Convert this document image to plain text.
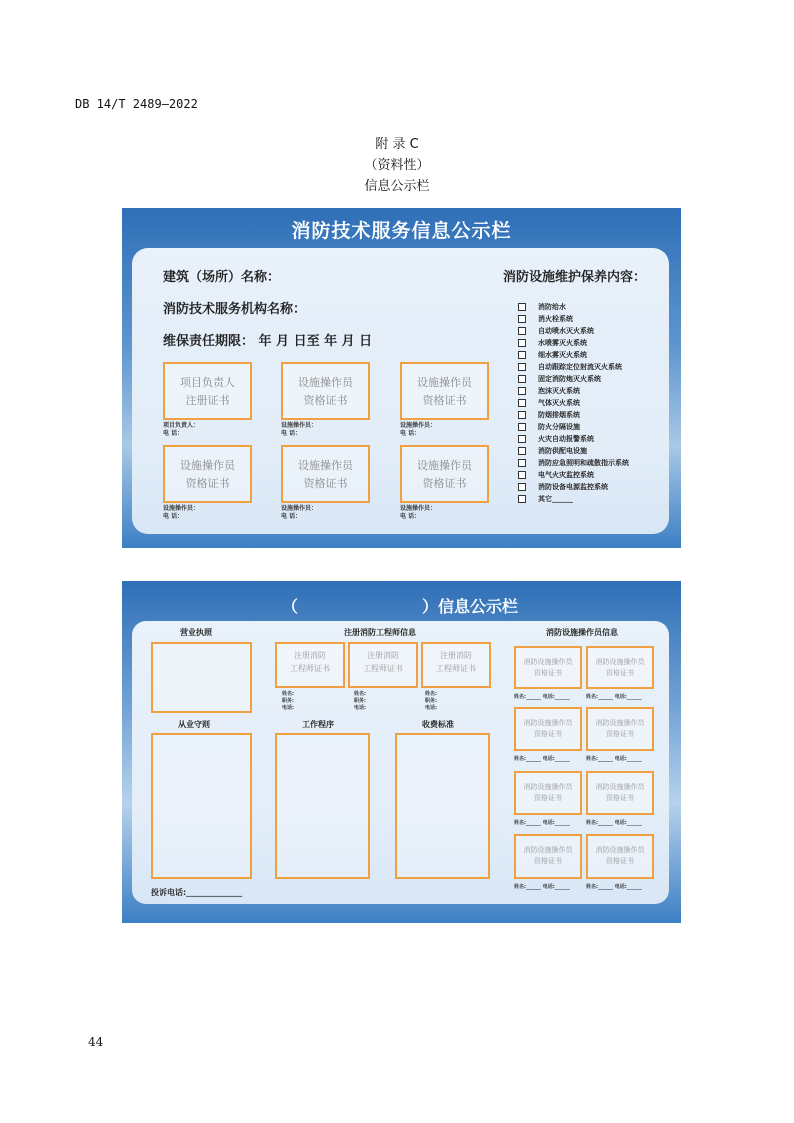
DB 14/T 2489—2022
附 录 C
（资料性）
信息公示栏
消防技术服务信息公示栏
建筑（场所）名称：
消防技术服务机构名称：
维保责任期限： 年 月 日至 年 月 日
消防设施维护保养内容：
项目负责人
注册证书
项目负责人：
电 话：
设施操作员
资格证书
设施操作员：
电 话：
设施操作员
资格证书
设施操作员：
电 话：
设施操作员
资格证书
设施操作员：
电 话：
设施操作员
资格证书
设施操作员：
电 话：
设施操作员
资格证书
设施操作员：
电 话：
消防给水
消火栓系统
自动喷水灭火系统
水喷雾灭火系统
细水雾灭火系统
自动跟踪定位射流灭火系统
固定消防炮灭火系统
泡沫灭火系统
气体灭火系统
防烟排烟系统
防火分隔设施
火灾自动报警系统
消防供配电设施
消防应急照明和疏散指示系统
电气火灾监控系统
消防设备电源监控系统
其它______
（	）信息公示栏
营业执照	注册消防工程师信息	消防设施操作员信息
注册消防
工程师证书
注册消防
工程师证书
注册消防
工程师证书
姓名:
职务:
电话:
姓名:
职务:
电话:
姓名:
职务:
电话:
消防设施操作员
资格证书
消防设施操作员
资格证书
姓名:______ 电话:______	姓名:______ 电话:______
消防设施操作员
资格证书
消防设施操作员
资格证书
姓名:______ 电话:______	姓名:______ 电话:______
消防设施操作员
资格证书
消防设施操作员
资格证书
姓名:______ 电话:______	姓名:______ 电话:______
消防设施操作员
资格证书
消防设施操作员
资格证书
姓名:______ 电话:______	姓名:______ 电话:______
从业守则	工作程序	收费标准
投诉电话:______________
44
